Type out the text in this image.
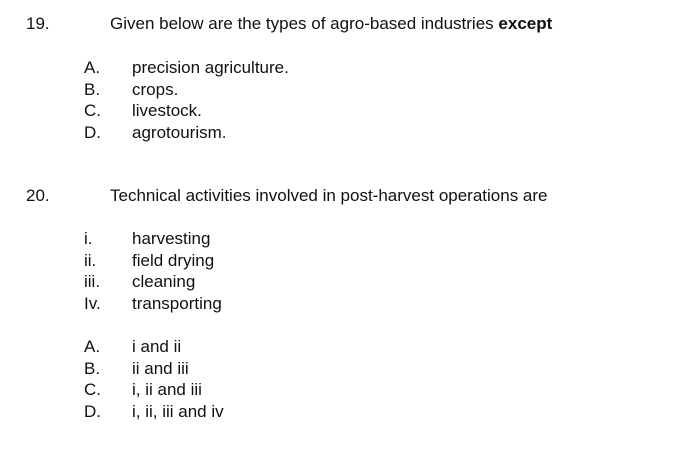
19.	Given below are the types of agro-based industries except
A. precision agriculture.
B. crops.
C. livestock.
D. agrotourism.
20.	Technical activities involved in post-harvest operations are
i. harvesting
ii. field drying
iii. cleaning
Iv. transporting
A. i and ii
B. ii and iii
C. i, ii and iii
D. i, ii, iii and iv
